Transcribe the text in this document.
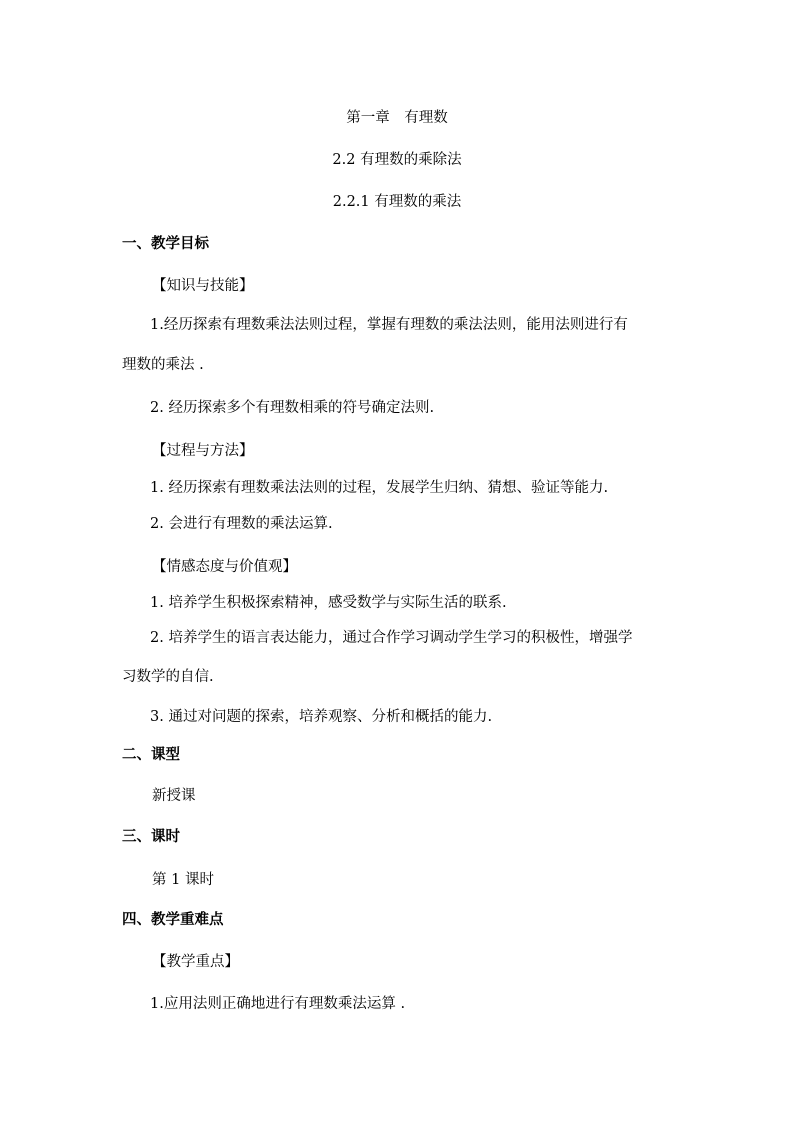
第一章　有理数
2.2 有理数的乘除法
2.2.1 有理数的乘法
一、教学目标
【知识与技能】
1.经历探索有理数乘法法则过程，掌握有理数的乘法法则，能用法则进行有
理数的乘法 .
2. 经历探索多个有理数相乘的符号确定法则.
【过程与方法】
1. 经历探索有理数乘法法则的过程，发展学生归纳、猜想、验证等能力.
2. 会进行有理数的乘法运算.
【情感态度与价值观】
1. 培养学生积极探索精神，感受数学与实际生活的联系.
2. 培养学生的语言表达能力，通过合作学习调动学生学习的积极性，增强学
习数学的自信.
3. 通过对问题的探索，培养观察、分析和概括的能力.
二、课型
新授课
三、课时
第 1 课时
四、教学重难点
【教学重点】
1.应用法则正确地进行有理数乘法运算 .
